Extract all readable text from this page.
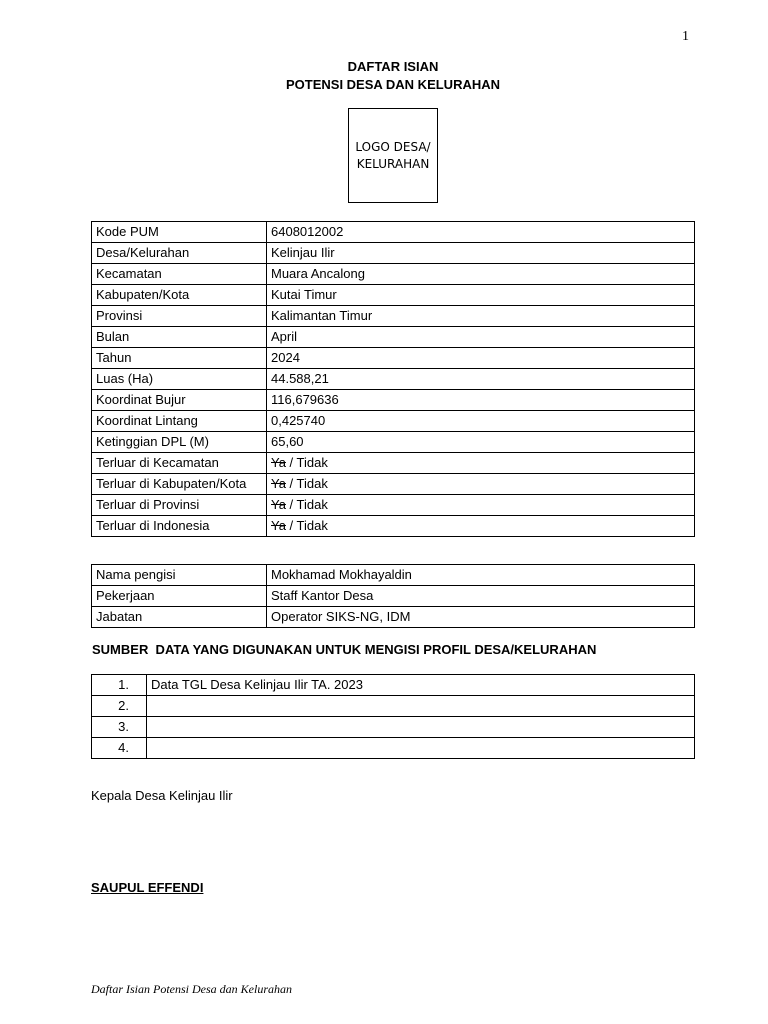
1
DAFTAR ISIAN
POTENSI DESA DAN KELURAHAN
LOGO DESA/
KELURAHAN
Kode PUM	6408012002
Desa/Kelurahan	Kelinjau Ilir
Kecamatan	Muara Ancalong
Kabupaten/Kota	Kutai Timur
Provinsi	Kalimantan Timur
Bulan	April
Tahun	2024
Luas (Ha)	44.588,21
Koordinat Bujur	116,679636
Koordinat Lintang	0,425740
Ketinggian DPL (M)	65,60
Terluar di Kecamatan	Ya / Tidak
Terluar di Kabupaten/Kota	Ya / Tidak
Terluar di Provinsi	Ya / Tidak
Terluar di Indonesia	Ya / Tidak
Nama pengisi	Mokhamad Mokhayaldin
Pekerjaan	Staff Kantor Desa
Jabatan	Operator SIKS-NG, IDM
SUMBER  DATA YANG DIGUNAKAN UNTUK MENGISI PROFIL DESA/KELURAHAN
1.	Data TGL Desa Kelinjau Ilir TA. 2023
2.	
3.	
4.	
Kepala Desa Kelinjau Ilir
SAUPUL EFFENDI
Daftar Isian Potensi Desa dan Kelurahan
